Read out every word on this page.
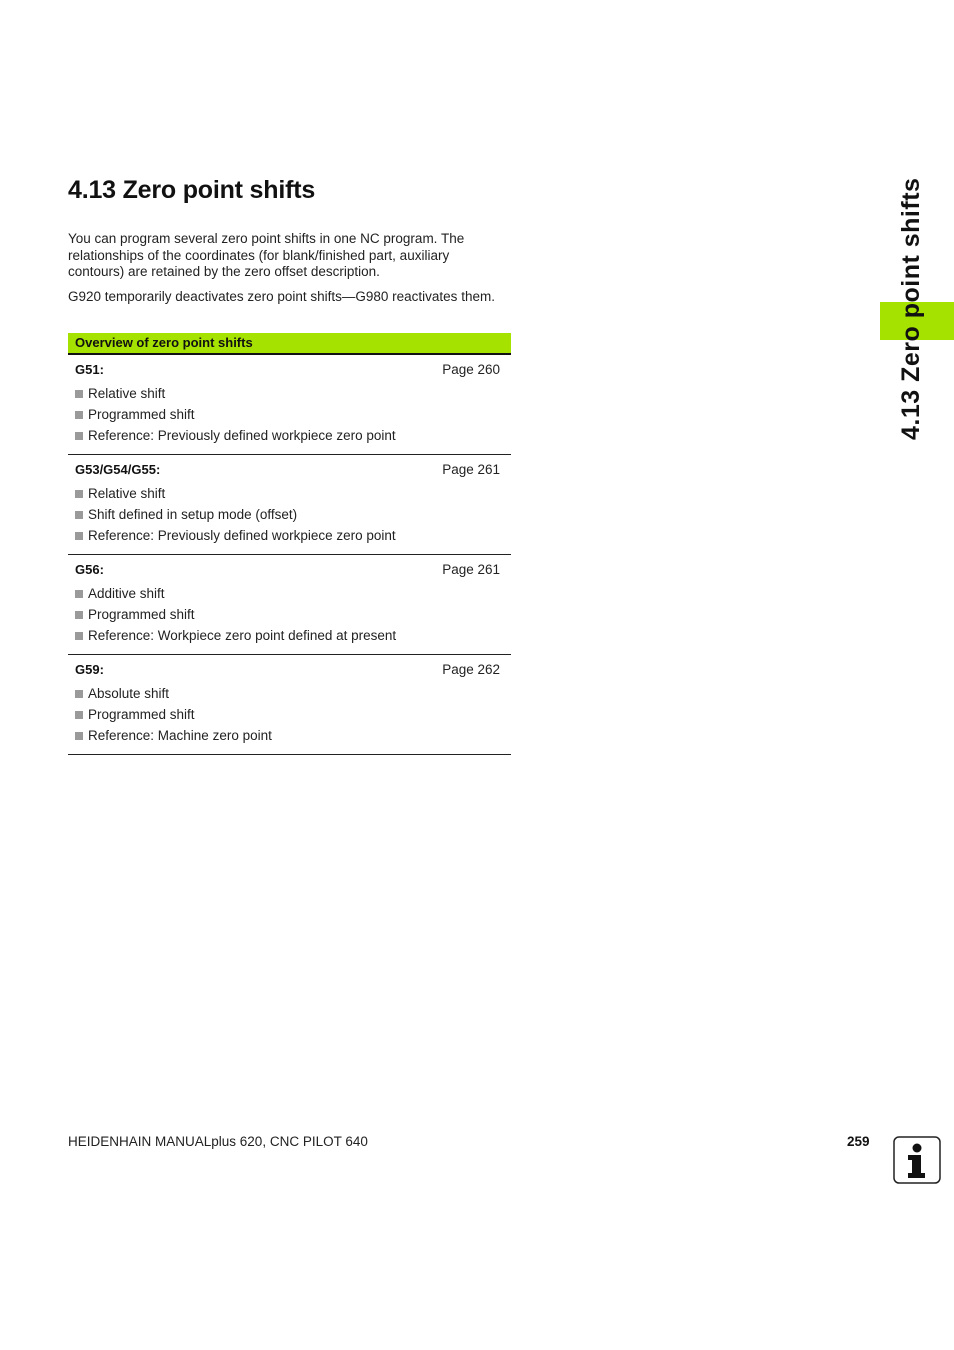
4.13 Zero point shifts

You can program several zero point shifts in one NC program. The relationships of the coordinates (for blank/finished part, auxiliary contours) are retained by the zero offset description.

G920 temporarily deactivates zero point shifts—G980 reactivates them.

Overview of zero point shifts
G51:	Page 260
Relative shift
Programmed shift
Reference: Previously defined workpiece zero point
G53/G54/G55:	Page 261
Relative shift
Shift defined in setup mode (offset)
Reference: Previously defined workpiece zero point
G56:	Page 261
Additive shift
Programmed shift
Reference: Workpiece zero point defined at present
G59:	Page 262
Absolute shift
Programmed shift
Reference: Machine zero point
4.13 Zero point shifts
HEIDENHAIN MANUALplus 620, CNC PILOT 640	259
